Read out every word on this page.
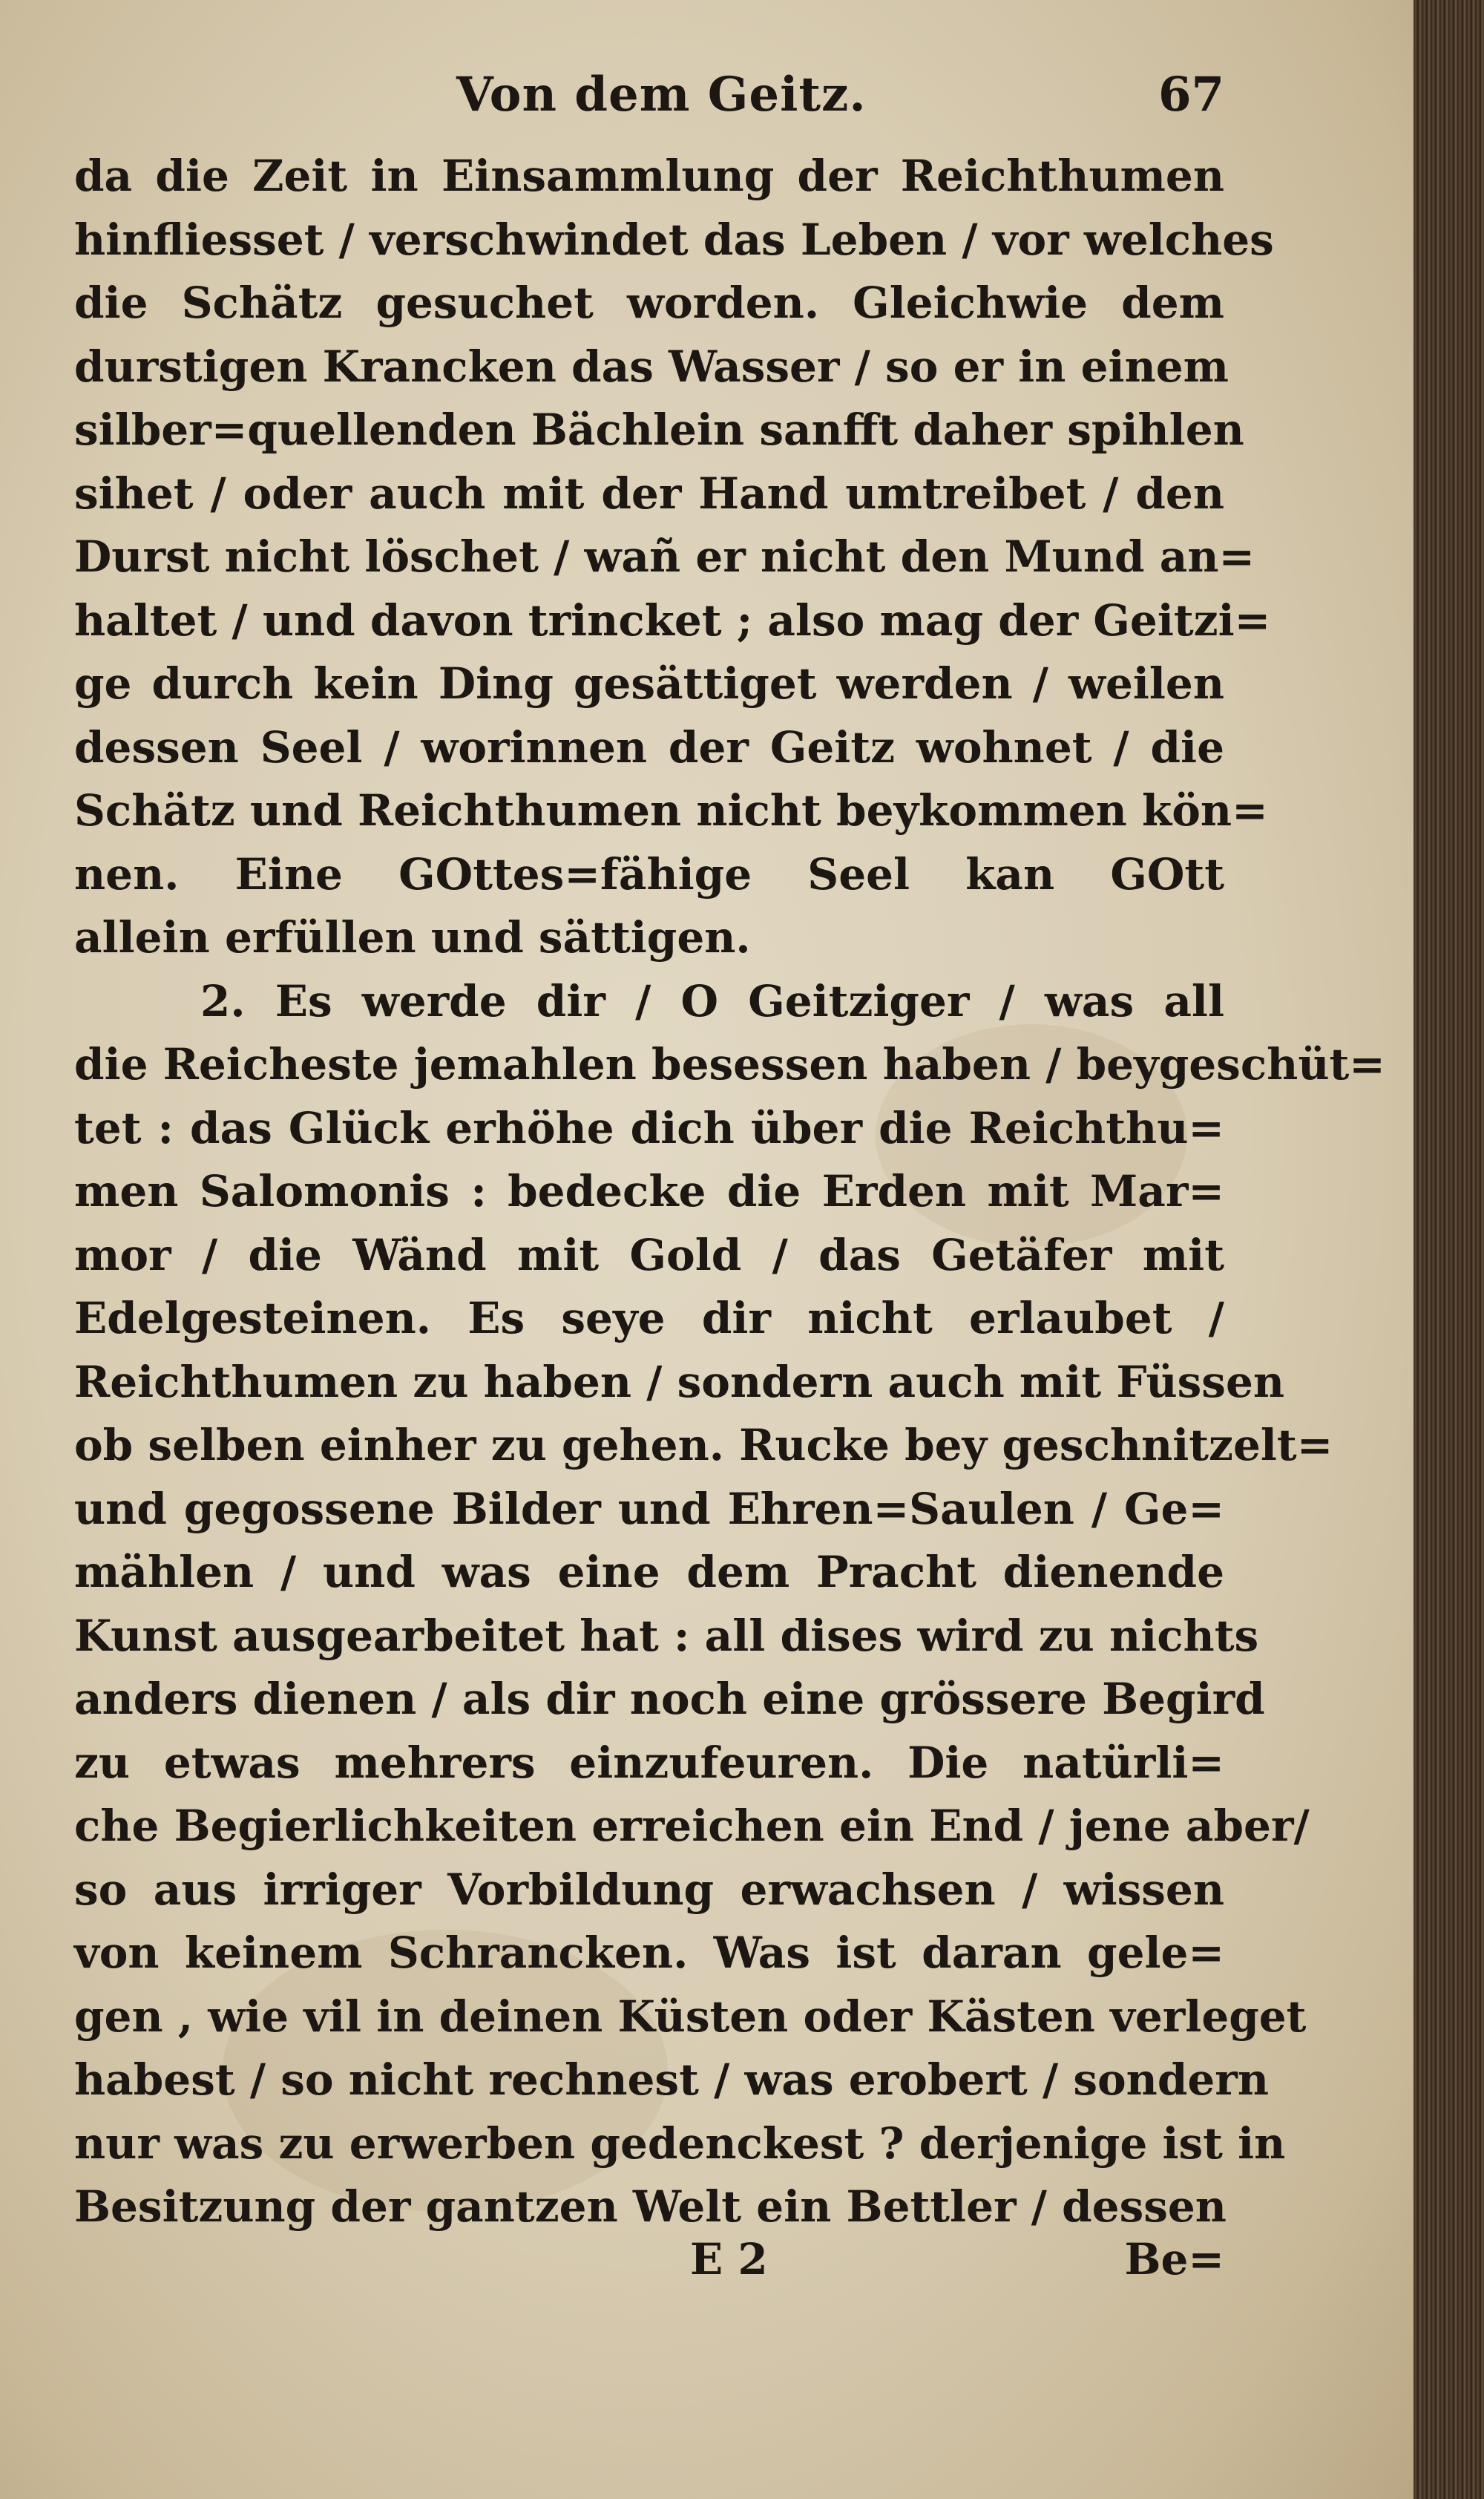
Von dem Geitz.	67
da die Zeit in Einsammlung der Reichthumen
hinfliesset / verschwindet das Leben / vor welches
die Schätz gesuchet worden. Gleichwie dem
durstigen Krancken das Wasser / so er in einem
silber=quellenden Bächlein sanfft daher spihlen
sihet / oder auch mit der Hand umtreibet / den
Durst nicht löschet / wañ er nicht den Mund an=
haltet / und davon trincket ; also mag der Geitzi=
ge durch kein Ding gesättiget werden / weilen
dessen Seel / worinnen der Geitz wohnet / die
Schätz und Reichthumen nicht beykommen kön=
nen. Eine GOttes=fähige Seel kan GOtt
allein erfüllen und sättigen.
2. Es werde dir / O Geitziger / was all
die Reicheste jemahlen besessen haben / beygeschüt=
tet : das Glück erhöhe dich über die Reichthu=
men Salomonis : bedecke die Erden mit Mar=
mor / die Wänd mit Gold / das Getäfer mit
Edelgesteinen. Es seye dir nicht erlaubet /
Reichthumen zu haben / sondern auch mit Füssen
ob selben einher zu gehen. Rucke bey geschnitzelt=
und gegossene Bilder und Ehren=Saulen / Ge=
mählen / und was eine dem Pracht dienende
Kunst ausgearbeitet hat : all dises wird zu nichts
anders dienen / als dir noch eine grössere Begird
zu etwas mehrers einzufeuren. Die natürli=
che Begierlichkeiten erreichen ein End / jene aber/
so aus irriger Vorbildung erwachsen / wissen
von keinem Schrancken. Was ist daran gele=
gen , wie vil in deinen Küsten oder Kästen verleget
habest / so nicht rechnest / was erobert / sondern
nur was zu erwerben gedenckest ? derjenige ist in
Besitzung der gantzen Welt ein Bettler / dessen
E 2	Be=
